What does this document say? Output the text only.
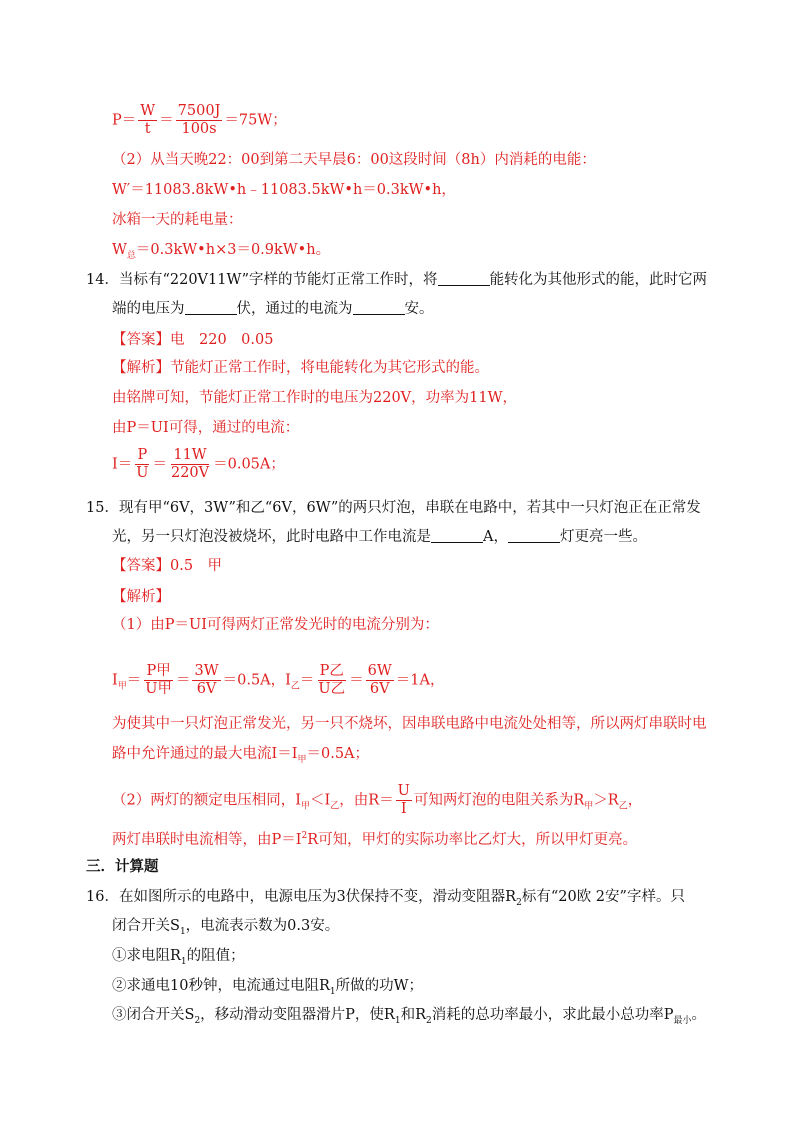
$P= \frac{W}{t} = \frac{7500J}{100s} =75W$；
（2）从当天晚22：00到第二天早晨6：00这段时间（8h）内消耗的电能：
W′＝11083.8kW•h﹣11083.5kW•h＝0.3kW•h，
冰箱一天的耗电量：
$W_总=0.3kW•h\times 3=0.9kW•h$。
14．当标有“220V11W”字样的节能灯正常工作时，将	能转化为其他形式的能，此时它两
端的电压为	伏，通过的电流为	安。
【答案】电　220　0.05
【解析】节能灯正常工作时，将电能转化为其它形式的能。
由铭牌可知，节能灯正常工作时的电压为220V，功率为11W，
由P＝UI可得，通过的电流：
$I= \frac{P}{U} = \frac{11W}{220V} =0.05A$；
15．现有甲“6V，3W”和乙“6V，6W”的两只灯泡，串联在电路中，若其中一只灯泡正在正常发
光，另一只灯泡没被烧坏，此时电路中工作电流是	A，	灯更亮一些。
【答案】0.5　甲
【解析】
（1）由P＝UI可得两灯正常发光时的电流分别为：
$I_甲= \frac{\text{P甲}}{\text{U甲}} = \frac{3W}{6V} =0.5A$，$I_乙= \frac{\text{P乙}}{\text{U乙}} = \frac{6W}{6V} =1A$，
为使其中一只灯泡正常发光，另一只不烧坏，因串联电路中电流处处相等，所以两灯串联时电
路中允许通过的最大电流$I=I_甲=0.5A$；
（2）两灯的额定电压相同，$I_甲<I_乙$，由$R= \frac{U}{I}$ 可知两灯泡的电阻关系为$R_甲>R_乙$，
两灯串联时电流相等，由$P=I^2R$可知，甲灯的实际功率比乙灯大，所以甲灯更亮。
三．计算题
16．在如图所示的电路中，电源电压为3伏保持不变，滑动变阻器$R_2$标有“20欧 2安”字样。只
闭合开关$S_1$，电流表示数为0.3安。
①求电阻$R_1$的阻值；
②求通电10秒钟，电流通过电阻$R_1$所做的功W；
③闭合开关$S_2$，移动滑动变阻器滑片P，使$R_1$和$R_2$消耗的总功率最小，求此最小总功率$P_{最小}$。
